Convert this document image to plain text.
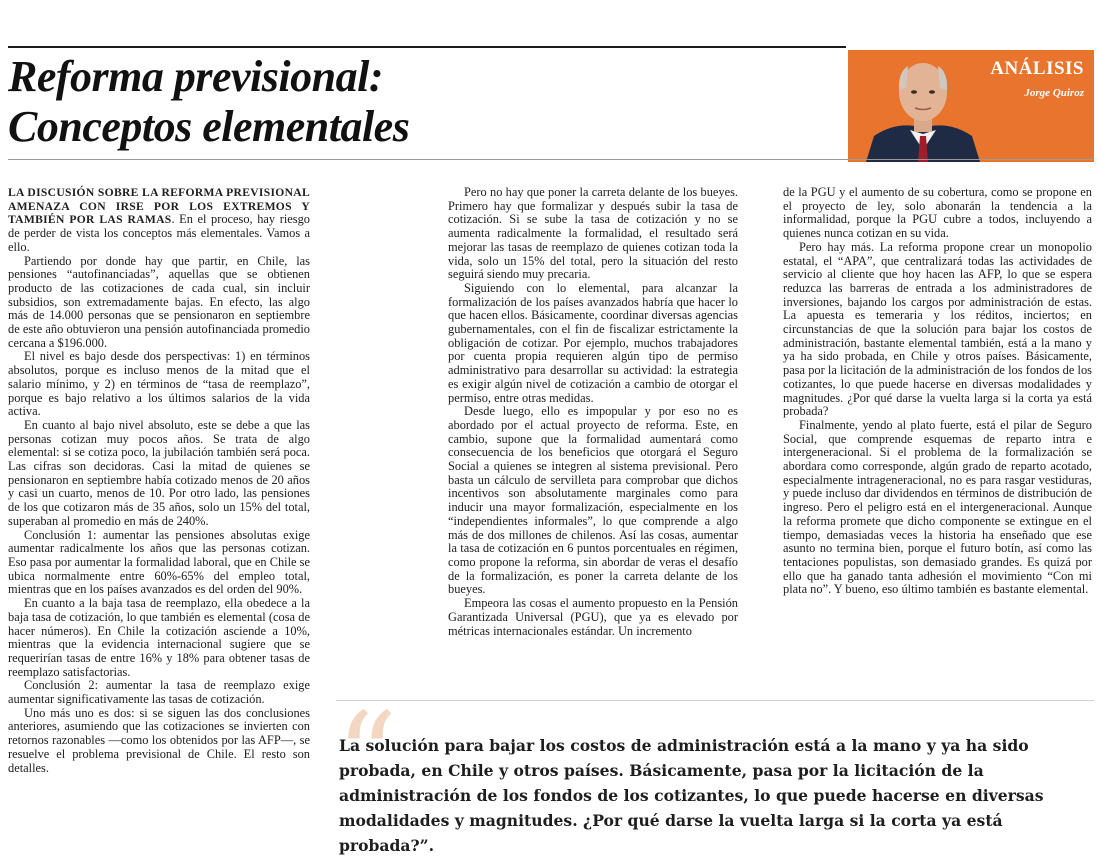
Reforma previsional:
Conceptos elementales
ANÁLISIS
Jorge Quiroz

LA DISCUSIÓN SOBRE LA REFORMA PREVISIONAL AMENAZA CON IRSE POR LOS EXTREMOS Y TAMBIÉN POR LAS RAMAS. En el proceso, hay riesgo de perder de vista los conceptos más elementales. Vamos a ello.

Partiendo por donde hay que partir, en Chile, las pensiones “autofinanciadas”, aquellas que se obtienen producto de las cotizaciones de cada cual, sin incluir subsidios, son extremadamente bajas. En efecto, las algo más de 14.000 personas que se pensionaron en septiembre de este año obtuvieron una pensión autofinanciada promedio cercana a $196.000.

El nivel es bajo desde dos perspectivas: 1) en términos absolutos, porque es incluso menos de la mitad que el salario mínimo, y 2) en términos de “tasa de reemplazo”, porque es bajo relativo a los últimos salarios de la vida activa.

En cuanto al bajo nivel absoluto, este se debe a que las personas cotizan muy pocos años. Se trata de algo elemental: si se cotiza poco, la jubilación también será poca. Las cifras son decidoras. Casi la mitad de quienes se pensionaron en septiembre había cotizado menos de 20 años y casi un cuarto, menos de 10. Por otro lado, las pensiones de los que cotizaron más de 35 años, solo un 15% del total, superaban al promedio en más de 240%.

Conclusión 1: aumentar las pensiones absolutas exige aumentar radicalmente los años que las personas cotizan. Eso pasa por aumentar la formalidad laboral, que en Chile se ubica normalmente entre 60%-65% del empleo total, mientras que en los países avanzados es del orden del 90%.

En cuanto a la baja tasa de reemplazo, ella obedece a la baja tasa de cotización, lo que también es elemental (cosa de hacer números). En Chile la cotización asciende a 10%, mientras que la evidencia internacional sugiere que se requerirían tasas de entre 16% y 18% para obtener tasas de reemplazo satisfactorias.

Conclusión 2: aumentar la tasa de reemplazo exige aumentar significativamente las tasas de cotización.

Uno más uno es dos: si se siguen las dos conclusiones anteriores, asumiendo que las cotizaciones se invierten con retornos razonables —como los obtenidos por las AFP—, se resuelve el problema previsional de Chile. El resto son detalles.

Pero no hay que poner la carreta delante de los bueyes. Primero hay que formalizar y después subir la tasa de cotización. Si se sube la tasa de cotización y no se aumenta radicalmente la formalidad, el resultado será mejorar las tasas de reemplazo de quienes cotizan toda la vida, solo un 15% del total, pero la situación del resto seguirá siendo muy precaria.

Siguiendo con lo elemental, para alcanzar la formalización de los países avanzados habría que hacer lo que hacen ellos. Básicamente, coordinar diversas agencias gubernamentales, con el fin de fiscalizar estrictamente la obligación de cotizar. Por ejemplo, muchos trabajadores por cuenta propia requieren algún tipo de permiso administrativo para desarrollar su actividad: la estrategia es exigir algún nivel de cotización a cambio de otorgar el permiso, entre otras medidas.

Desde luego, ello es impopular y por eso no es abordado por el actual proyecto de reforma. Este, en cambio, supone que la formalidad aumentará como consecuencia de los beneficios que otorgará el Seguro Social a quienes se integren al sistema previsional. Pero basta un cálculo de servilleta para comprobar que dichos incentivos son absolutamente marginales como para inducir una mayor formalización, especialmente en los “independientes informales”, lo que comprende a algo más de dos millones de chilenos. Así las cosas, aumentar la tasa de cotización en 6 puntos porcentuales en régimen, como propone la reforma, sin abordar de veras el desafío de la formalización, es poner la carreta delante de los bueyes.

Empeora las cosas el aumento propuesto en la Pensión Garantizada Universal (PGU), que ya es elevado por métricas internacionales estándar. Un incremento

de la PGU y el aumento de su cobertura, como se propone en el proyecto de ley, solo abonarán la tendencia a la informalidad, porque la PGU cubre a todos, incluyendo a quienes nunca cotizan en su vida.

Pero hay más. La reforma propone crear un monopolio estatal, el “APA”, que centralizará todas las actividades de servicio al cliente que hoy hacen las AFP, lo que se espera reduzca las barreras de entrada a los administradores de inversiones, bajando los cargos por administración de estas. La apuesta es temeraria y los réditos, inciertos; en circunstancias de que la solución para bajar los costos de administración, bastante elemental también, está a la mano y ya ha sido probada, en Chile y otros países. Básicamente, pasa por la licitación de la administración de los fondos de los cotizantes, lo que puede hacerse en diversas modalidades y magnitudes. ¿Por qué darse la vuelta larga si la corta ya está probada?

Finalmente, yendo al plato fuerte, está el pilar de Seguro Social, que comprende esquemas de reparto intra e intergeneracional. Si el problema de la formalización se abordara como corresponde, algún grado de reparto acotado, especialmente intrageneracional, no es para rasgar vestiduras, y puede incluso dar dividendos en términos de distribución de ingreso. Pero el peligro está en el intergeneracional. Aunque la reforma promete que dicho componente se extingue en el tiempo, demasiadas veces la historia ha enseñado que ese asunto no termina bien, porque el futuro botín, así como las tentaciones populistas, son demasiado grandes. Es quizá por ello que ha ganado tanta adhesión el movimiento “Con mi plata no”. Y bueno, eso último también es bastante elemental.

“

La solución para bajar los costos de administración está a la mano y ya ha sido probada, en Chile y otros países. Básicamente, pasa por la licitación de la administración de los fondos de los cotizantes, lo que puede hacerse en diversas modalidades y magnitudes. ¿Por qué darse la vuelta larga si la corta ya está probada?”.
